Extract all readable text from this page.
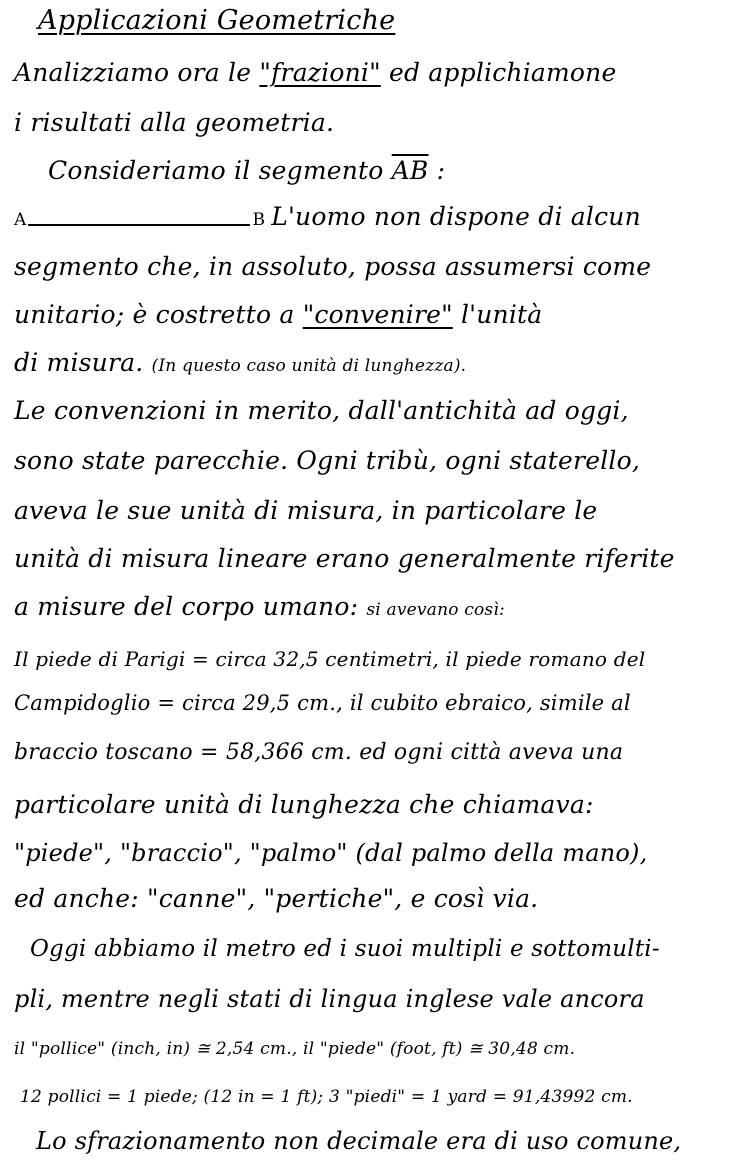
Applicazioni Geometriche
Analizziamo ora le "frazioni" ed applichiamone
i risultati alla geometria.
Consideriamo il segmento $\overline{AB}$ :
A	B L'uomo non dispone di alcun
segmento che, in assoluto, possa assumersi come
unitario; è costretto a "convenire" l'unità
di misura. (In questo caso unità di lunghezza).
Le convenzioni in merito, dall'antichità ad oggi,
sono state parecchie. Ogni tribù, ogni staterello,
aveva le sue unità di misura, in particolare le
unità di misura lineare erano generalmente riferite
a misure del corpo umano: si avevano così:
Il piede di Parigi = circa 32,5 centimetri, il piede romano del
Campidoglio = circa 29,5 cm., il cubito ebraico, simile al
braccio toscano = 58,366 cm. ed ogni città aveva una
particolare unità di lunghezza che chiamava:
"piede", "braccio", "palmo" (dal palmo della mano),
ed anche: "canne", "pertiche", e così via.
Oggi abbiamo il metro ed i suoi multipli e sottomulti-
pli, mentre negli stati di lingua inglese vale ancora
il "pollice" (inch, in) ≅ 2,54 cm., il "piede" (foot, ft) ≅ 30,48 cm.
12 pollici = 1 piede; (12 in = 1 ft); 3 "piedi" = 1 yard = 91,43992 cm.
Lo sfrazionamento non decimale era di uso comune,
